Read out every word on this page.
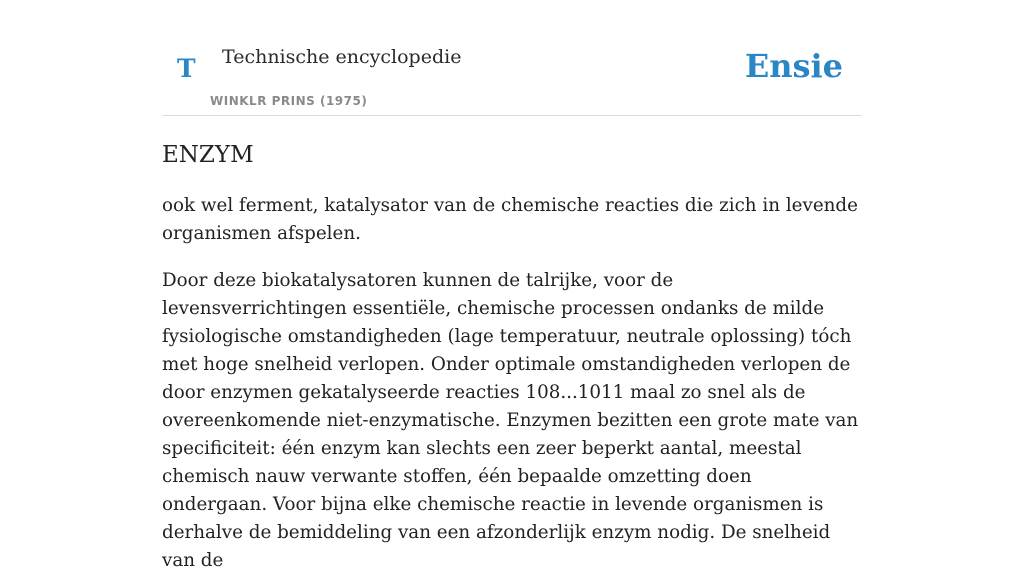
T Technische encyclopedie
WINKLR PRINS (1975)
Ensie
ENZYM

ook wel ferment, katalysator van de chemische reacties die zich in levende organismen afspelen.

Door deze biokatalysatoren kunnen de talrijke, voor de levensverrichtingen essentiële, chemische processen ondanks de milde fysiologische omstandigheden (lage temperatuur, neutrale oplossing) tóch met hoge snelheid verlopen. Onder optimale omstandigheden verlopen de door enzymen gekatalyseerde reacties 108...1011 maal zo snel als de overeenkomende niet-enzymatische. Enzymen bezitten een grote mate van specificiteit: één enzym kan slechts een zeer beperkt aantal, meestal chemisch nauw verwante stoffen, één bepaalde omzetting doen ondergaan. Voor bijna elke chemische reactie in levende organismen is derhalve de bemiddeling van een afzonderlijk enzym nodig. De snelheid van de
